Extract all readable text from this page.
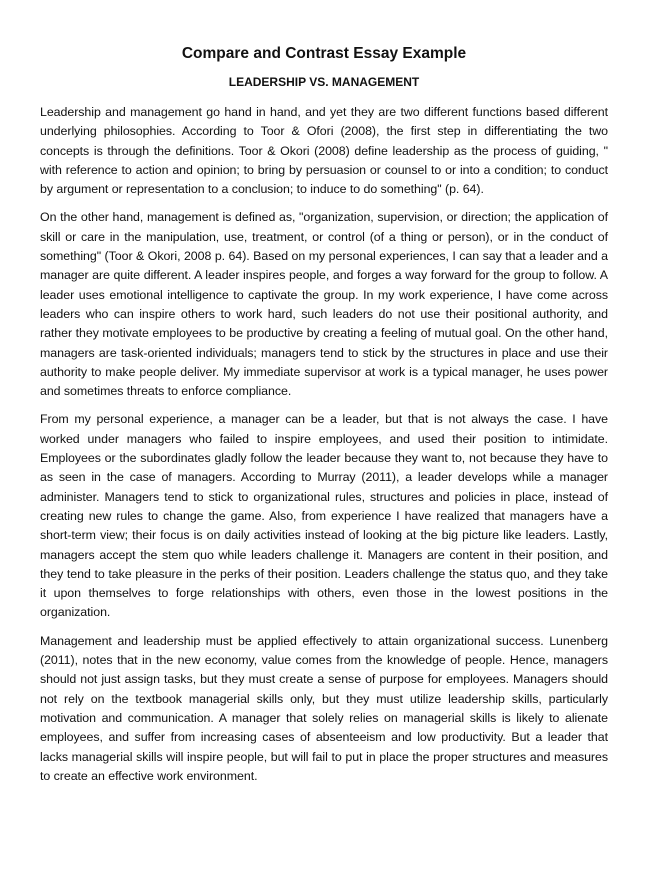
Compare and Contrast Essay Example
LEADERSHIP VS. MANAGEMENT

Leadership and management go hand in hand, and yet they are two different functions based different underlying philosophies. According to Toor & Ofori (2008), the first step in differentiating the two concepts is through the definitions. Toor & Okori (2008) define leadership as the process of guiding, " with reference to action and opinion; to bring by persuasion or counsel to or into a condition; to conduct by argument or representation to a conclusion; to induce to do something" (p. 64).

On the other hand, management is defined as, "organization, supervision, or direction; the application of skill or care in the manipulation, use, treatment, or control (of a thing or person), or in the conduct of something" (Toor & Okori, 2008 p. 64). Based on my personal experiences, I can say that a leader and a manager are quite different. A leader inspires people, and forges a way forward for the group to follow. A leader uses emotional intelligence to captivate the group. In my work experience, I have come across leaders who can inspire others to work hard, such leaders do not use their positional authority, and rather they motivate employees to be productive by creating a feeling of mutual goal. On the other hand, managers are task-oriented individuals; managers tend to stick by the structures in place and use their authority to make people deliver. My immediate supervisor at work is a typical manager, he uses power and sometimes threats to enforce compliance.

From my personal experience, a manager can be a leader, but that is not always the case. I have worked under managers who failed to inspire employees, and used their position to intimidate. Employees or the subordinates gladly follow the leader because they want to, not because they have to as seen in the case of managers. According to Murray (2011), a leader develops while a manager administer. Managers tend to stick to organizational rules, structures and policies in place, instead of creating new rules to change the game. Also, from experience I have realized that managers have a short-term view; their focus is on daily activities instead of looking at the big picture like leaders. Lastly, managers accept the stem quo while leaders challenge it. Managers are content in their position, and they tend to take pleasure in the perks of their position. Leaders challenge the status quo, and they take it upon themselves to forge relationships with others, even those in the lowest positions in the organization.

Management and leadership must be applied effectively to attain organizational success. Lunenberg (2011), notes that in the new economy, value comes from the knowledge of people. Hence, managers should not just assign tasks, but they must create a sense of purpose for employees. Managers should not rely on the textbook managerial skills only, but they must utilize leadership skills, particularly motivation and communication. A manager that solely relies on managerial skills is likely to alienate employees, and suffer from increasing cases of absenteeism and low productivity. But a leader that lacks managerial skills will inspire people, but will fail to put in place the proper structures and measures to create an effective work environment.
